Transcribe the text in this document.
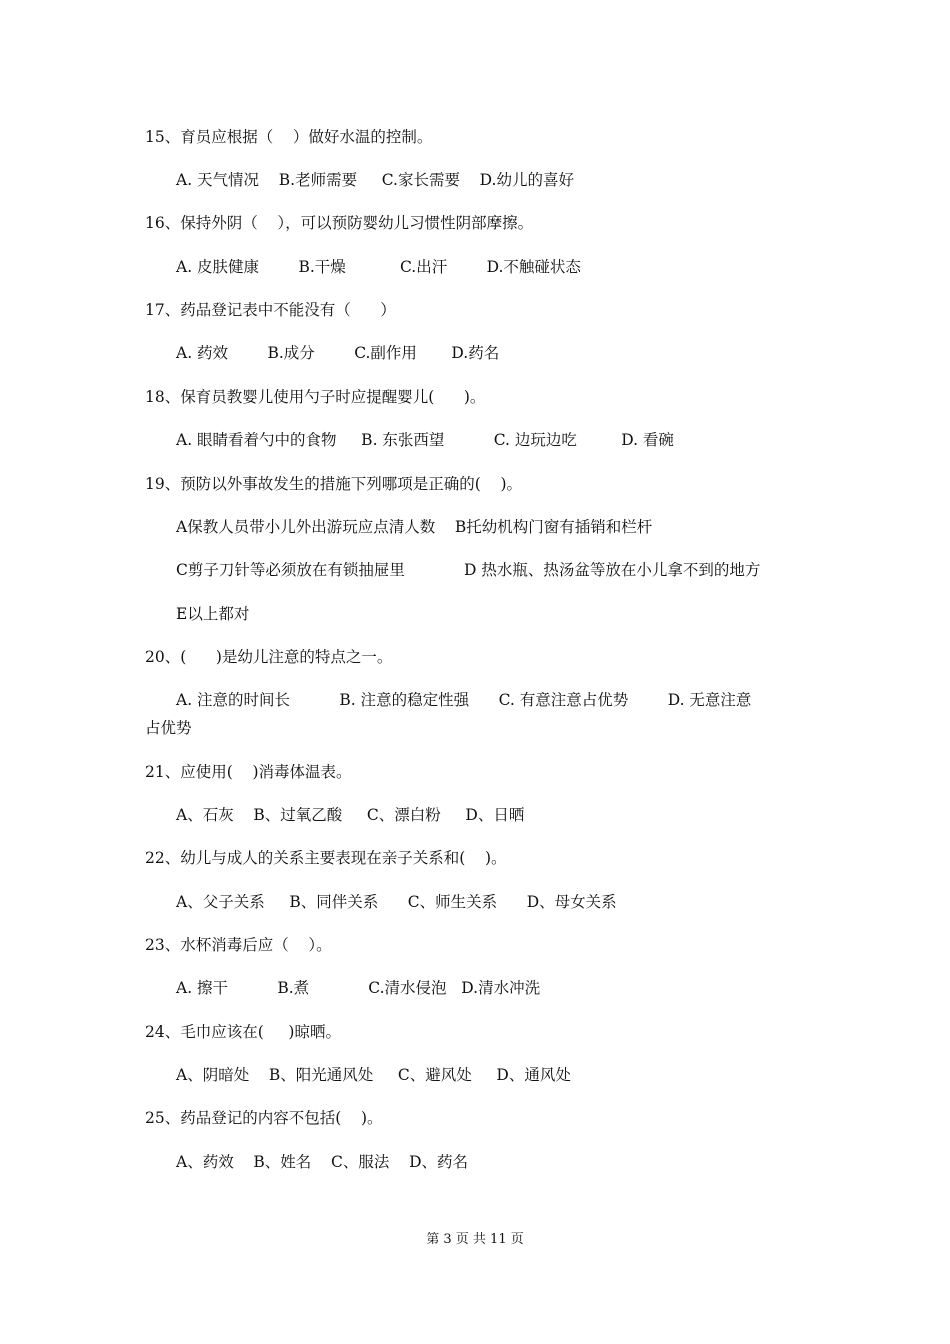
15、育员应根据（    ）做好水温的控制。
A. 天气情况    B.老师需要     C.家长需要    D.幼儿的喜好
16、保持外阴（    ），可以预防婴幼儿习惯性阴部摩擦。
A. 皮肤健康        B.干燥           C.出汗        D.不触碰状态
17、药品登记表中不能没有（      ）
A. 药效        B.成分        C.副作用       D.药名
18、保育员教婴儿使用勺子时应提醒婴儿(      )。
A. 眼睛看着勺中的食物     B. 东张西望          C. 边玩边吃         D. 看碗
19、预防以外事故发生的措施下列哪项是正确的(    )。
A保教人员带小儿外出游玩应点清人数    B托幼机构门窗有插销和栏杆
C剪子刀针等必须放在有锁抽屉里            D 热水瓶、热汤盆等放在小儿拿不到的地方
E以上都对
20、(      )是幼儿注意的特点之一。
A. 注意的时间长          B. 注意的稳定性强      C. 有意注意占优势        D. 无意注意
占优势
21、应使用(    )消毒体温表。
A、石灰    B、过氧乙酸     C、漂白粉     D、日晒
22、幼儿与成人的关系主要表现在亲子关系和(    )。
A、父子关系     B、同伴关系      C、师生关系      D、母女关系
23、水杯消毒后应（    ）。
A. 擦干          B.煮            C.清水侵泡   D.清水冲洗
24、毛巾应该在(     )晾晒。
A、阴暗处    B、阳光通风处     C、避风处     D、通风处
25、药品登记的内容不包括(    )。
A、药效    B、姓名    C、服法    D、药名
第 3 页 共 11 页
